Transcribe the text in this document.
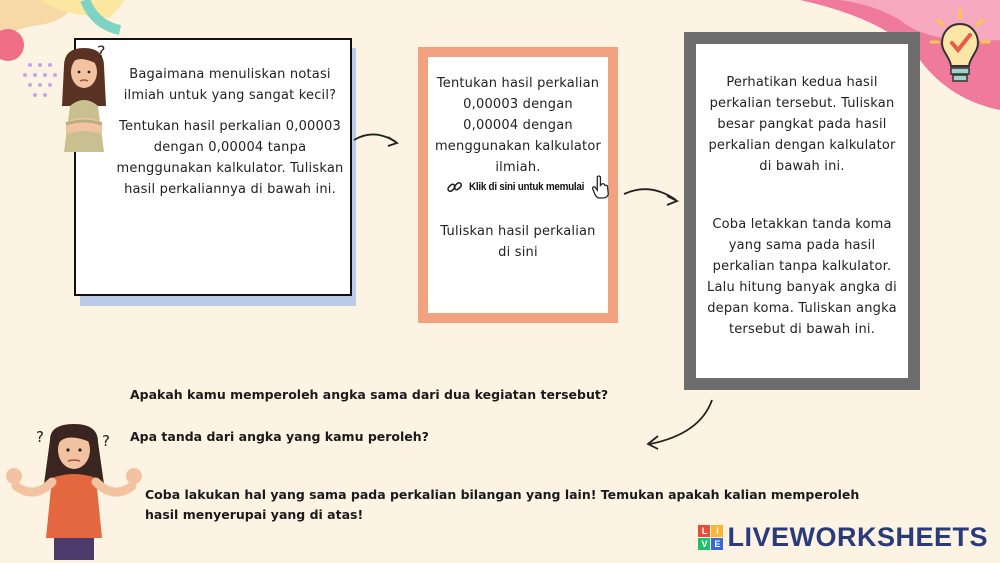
Bagaimana menuliskan notasi ilmiah untuk yang sangat kecil?

Tentukan hasil perkalian 0,00003 dengan 0,00004 tanpa menggunakan kalkulator. Tuliskan hasil perkaliannya di bawah ini.

?
Tentukan hasil perkalian 0,00003 dengan 0,00004 dengan menggunakan kalkulator ilmiah.
Klik di sini untuk memulai
Tuliskan hasil perkalian di sini
Perhatikan kedua hasil perkalian tersebut. Tuliskan besar pangkat pada hasil perkalian dengan kalkulator di bawah ini.
Coba letakkan tanda koma yang sama pada hasil perkalian tanpa kalkulator. Lalu hitung banyak angka di depan koma. Tuliskan angka tersebut di bawah ini.
Apakah kamu memperoleh angka sama dari dua kegiatan tersebut?
Apa tanda dari angka yang kamu peroleh?
Coba lakukan hal yang sama pada perkalian bilangan yang lain! Temukan apakah kalian memperoleh hasil menyerupai yang di atas!
?	?
L I
V E LIVEWORKSHEETS
